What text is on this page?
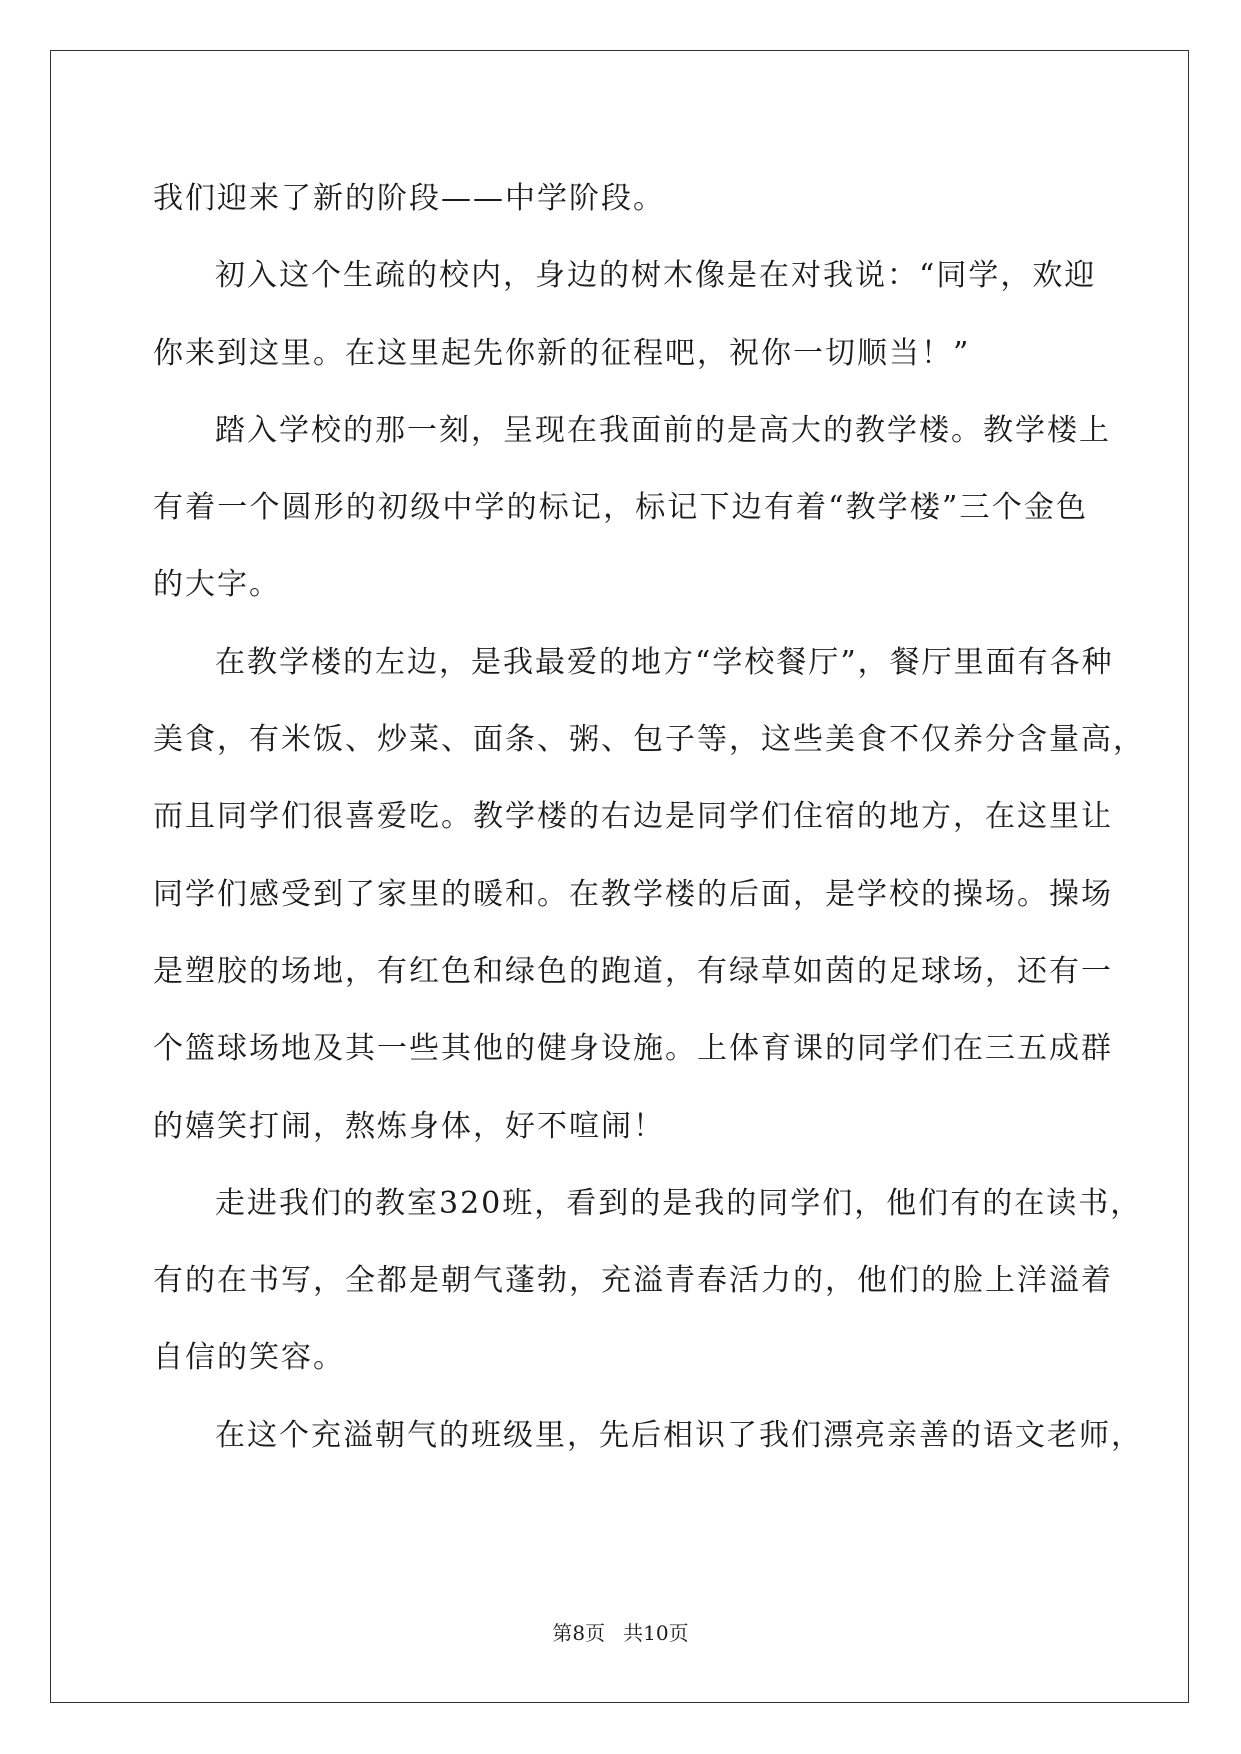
我们迎来了新的阶段——中学阶段。
初入这个生疏的校内，身边的树木像是在对我说：“同学，欢迎
你来到这里。在这里起先你新的征程吧，祝你一切顺当！”
踏入学校的那一刻，呈现在我面前的是高大的教学楼。教学楼上
有着一个圆形的初级中学的标记，标记下边有着“教学楼”三个金色
的大字。
在教学楼的左边，是我最爱的地方“学校餐厅”，餐厅里面有各种
美食，有米饭、炒菜、面条、粥、包子等，这些美食不仅养分含量高，
而且同学们很喜爱吃。教学楼的右边是同学们住宿的地方，在这里让
同学们感受到了家里的暖和。在教学楼的后面，是学校的操场。操场
是塑胶的场地，有红色和绿色的跑道，有绿草如茵的足球场，还有一
个篮球场地及其一些其他的健身设施。上体育课的同学们在三五成群
的嬉笑打闹，熬炼身体，好不喧闹！
走进我们的教室320班，看到的是我的同学们，他们有的在读书，
有的在书写，全都是朝气蓬勃，充溢青春活力的，他们的脸上洋溢着
自信的笑容。
在这个充溢朝气的班级里，先后相识了我们漂亮亲善的语文老师，
第8页 共10页
